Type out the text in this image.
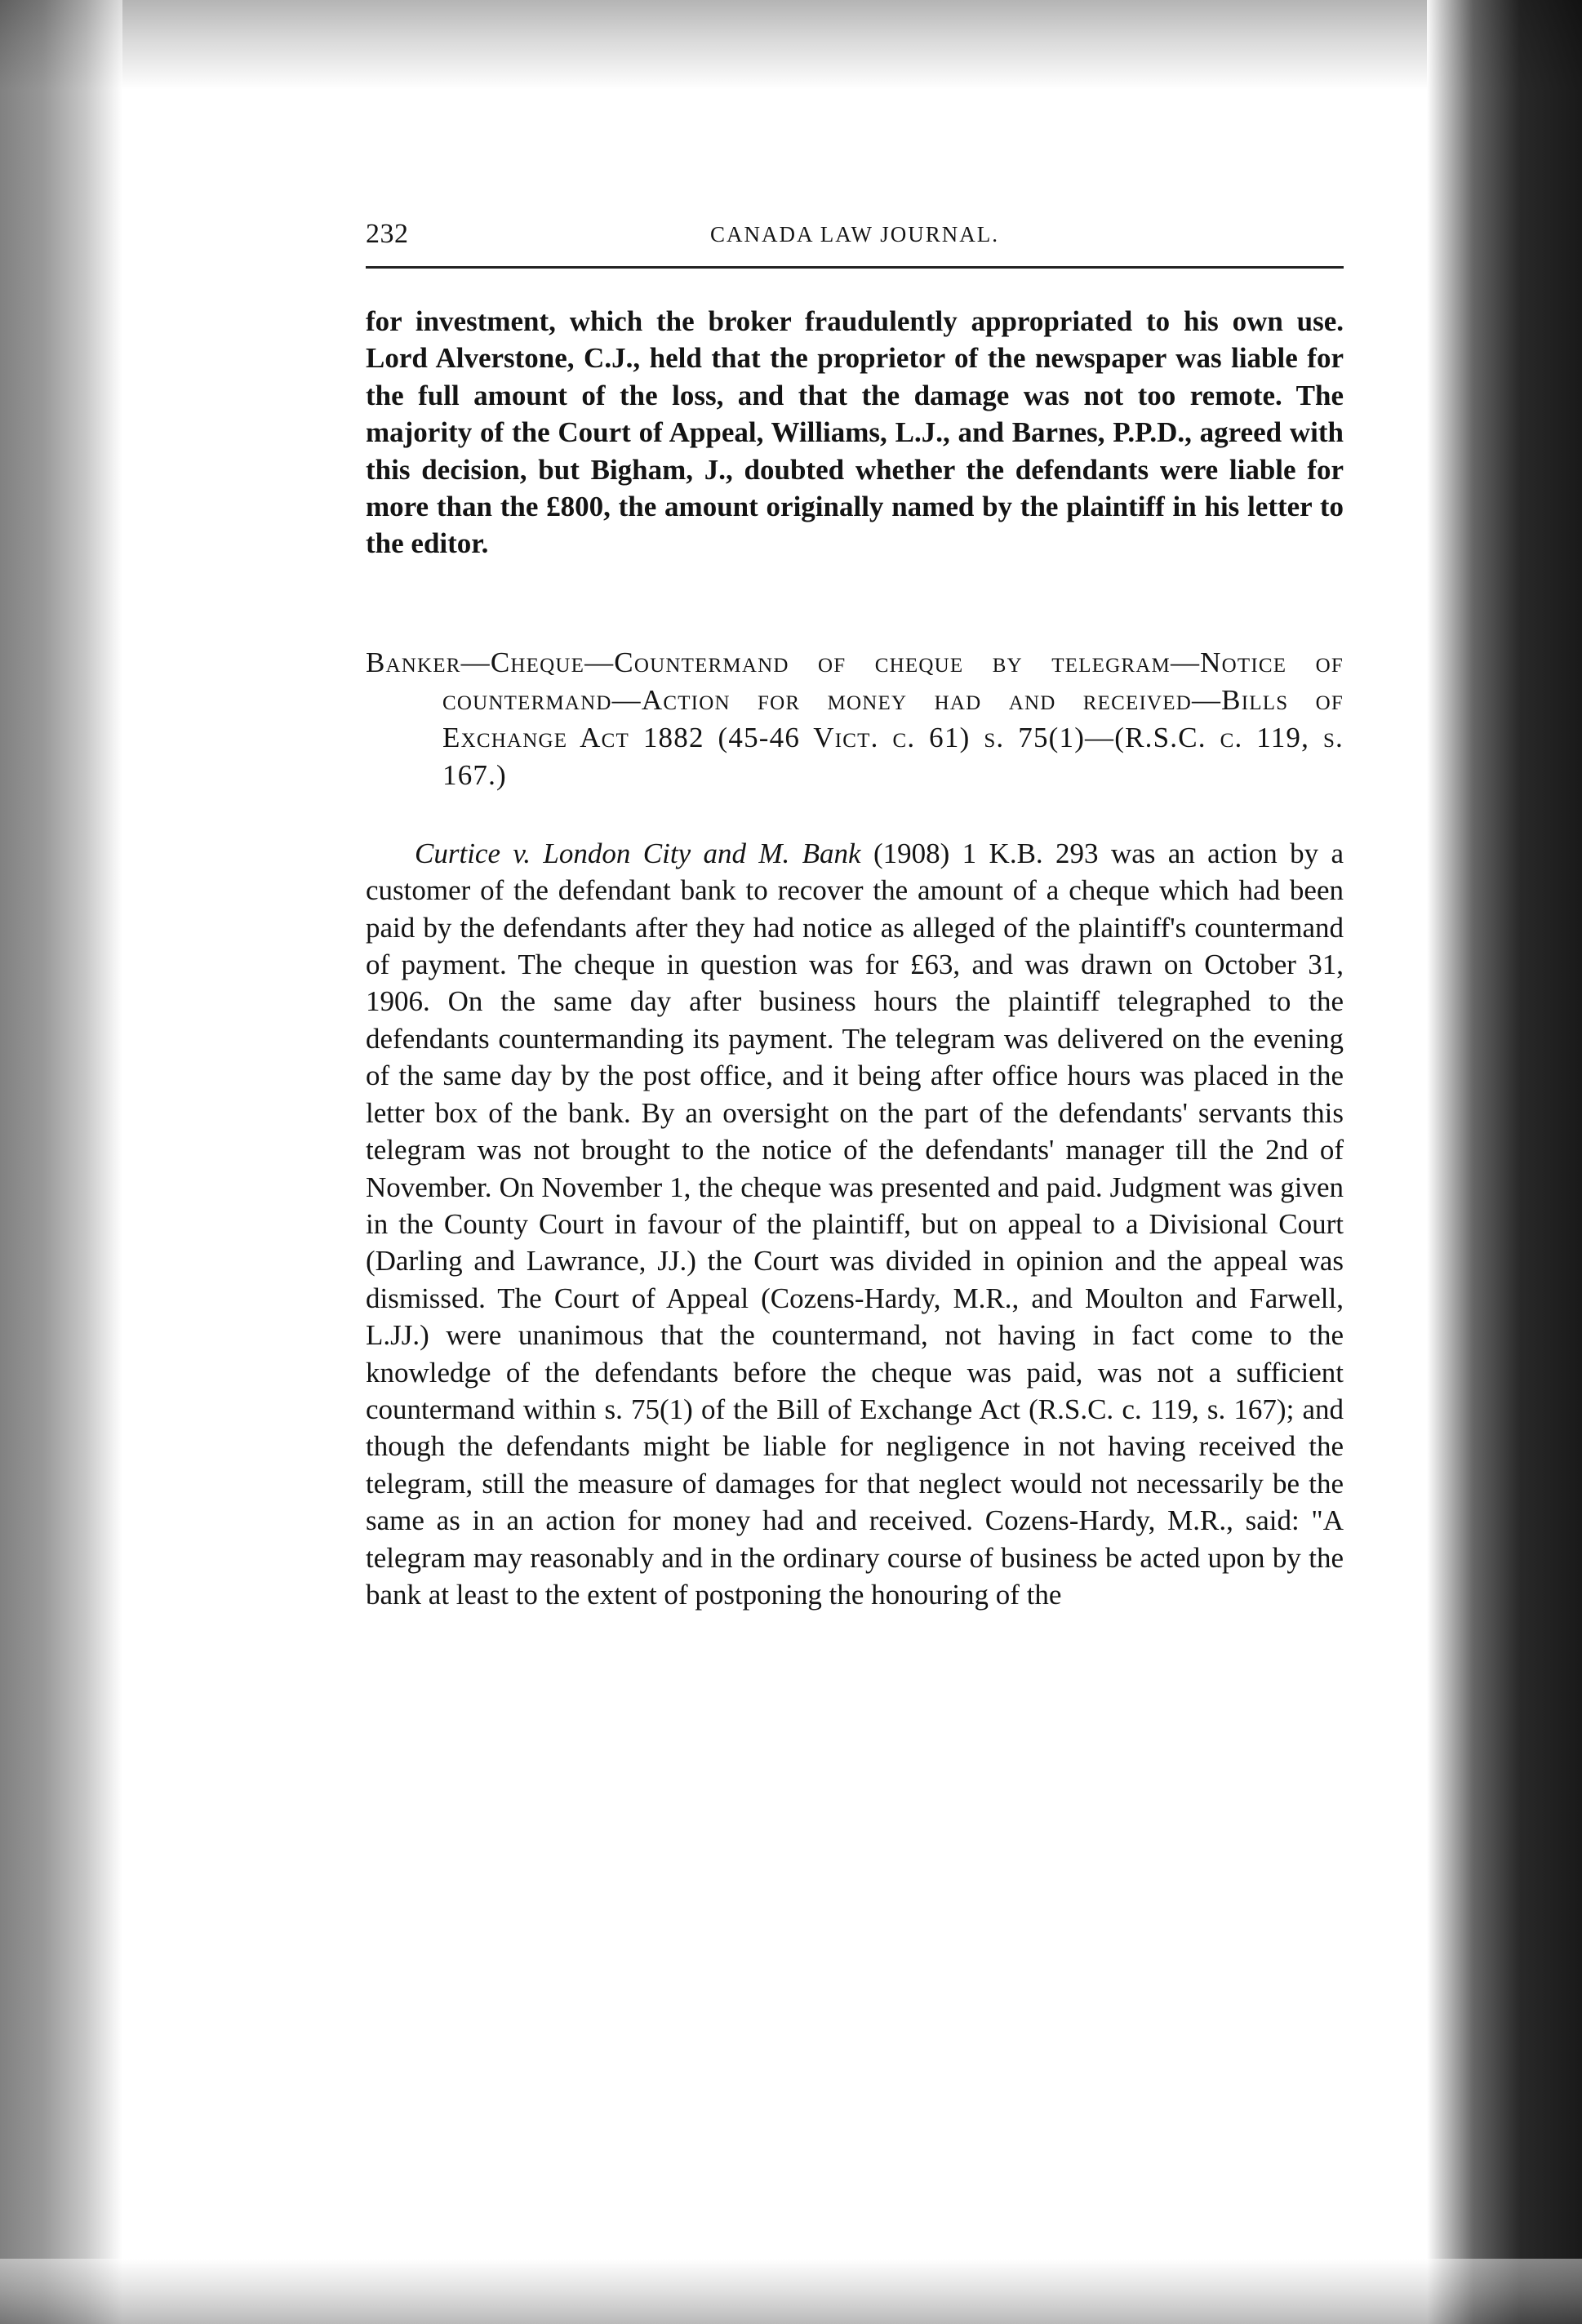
232	CANADA LAW JOURNAL.

for investment, which the broker fraudulently appropriated to his own use. Lord Alverstone, C.J., held that the proprietor of the newspaper was liable for the full amount of the loss, and that the damage was not too remote. The majority of the Court of Appeal, Williams, L.J., and Barnes, P.P.D., agreed with this decision, but Bigham, J., doubted whether the defendants were liable for more than the £800, the amount originally named by the plaintiff in his letter to the editor.

Banker—Cheque—Countermand of cheque by telegram—Notice of countermand—Action for money had and received—Bills of Exchange Act 1882 (45-46 Vict. c. 61) s. 75(1)—(R.S.C. c. 119, s. 167.)

Curtice v. London City and M. Bank (1908) 1 K.B. 293 was an action by a customer of the defendant bank to recover the amount of a cheque which had been paid by the defendants after they had notice as alleged of the plaintiff's countermand of payment. The cheque in question was for £63, and was drawn on October 31, 1906. On the same day after business hours the plaintiff telegraphed to the defendants countermanding its payment. The telegram was delivered on the evening of the same day by the post office, and it being after office hours was placed in the letter box of the bank. By an oversight on the part of the defendants' servants this telegram was not brought to the notice of the defendants' manager till the 2nd of November. On November 1, the cheque was presented and paid. Judgment was given in the County Court in favour of the plaintiff, but on appeal to a Divisional Court (Darling and Lawrance, JJ.) the Court was divided in opinion and the appeal was dismissed. The Court of Appeal (Cozens-Hardy, M.R., and Moulton and Farwell, L.JJ.) were unanimous that the countermand, not having in fact come to the knowledge of the defendants before the cheque was paid, was not a sufficient countermand within s. 75(1) of the Bill of Exchange Act (R.S.C. c. 119, s. 167); and though the defendants might be liable for negligence in not having received the telegram, still the measure of damages for that neglect would not necessarily be the same as in an action for money had and received. Cozens-Hardy, M.R., said: "A telegram may reasonably and in the ordinary course of business be acted upon by the bank at least to the extent of postponing the honouring of the
